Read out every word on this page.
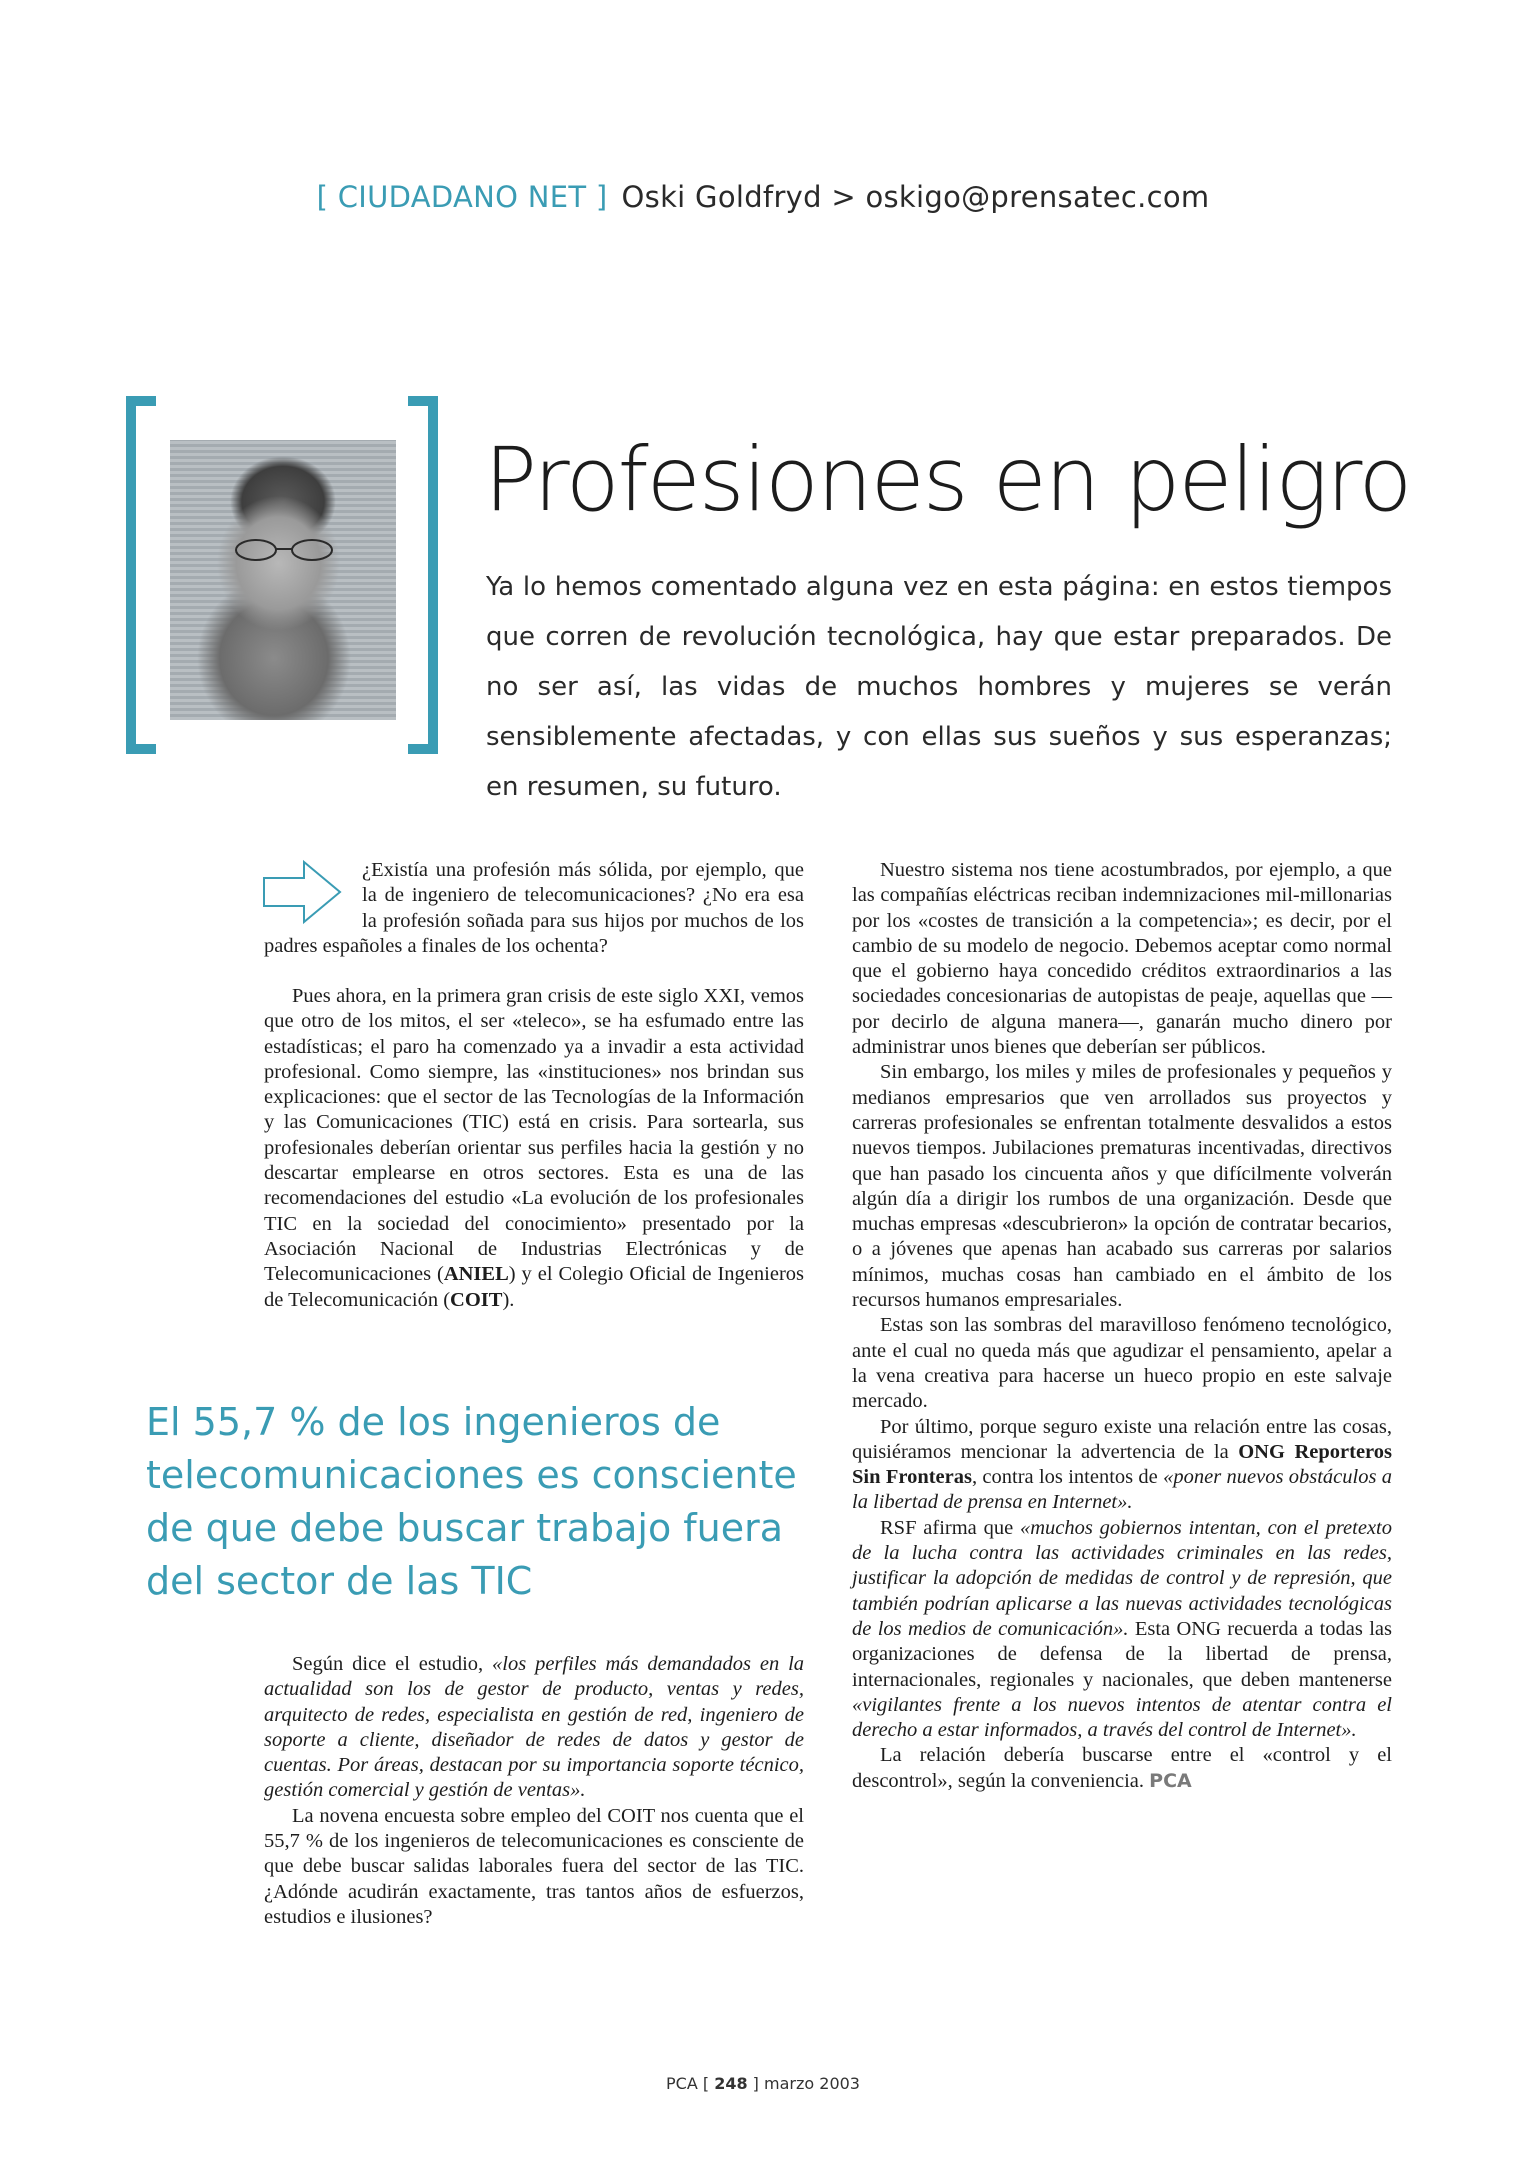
[ CIUDADANO NET ] Oski Goldfryd > oskigo@prensatec.com
Profesiones en peligro

Ya lo hemos comentado alguna vez en esta página: en estos tiempos que corren de revolución tecnológica, hay que estar preparados. De no ser así, las vidas de muchos hombres y mujeres se verán sensiblemente afectadas, y con ellas sus sueños y sus esperanzas; en resumen, su futuro.

¿Existía una profesión más sólida, por ejemplo, que la de ingeniero de telecomunicaciones? ¿No era esa la profesión soñada para sus hijos por muchos de los padres españoles a finales de los ochenta?

Pues ahora, en la primera gran crisis de este siglo XXI, vemos que otro de los mitos, el ser «teleco», se ha esfumado entre las estadísticas; el paro ha comenzado ya a invadir a esta actividad profesional. Como siempre, las «instituciones» nos brindan sus explicaciones: que el sector de las Tecnologías de la Información y las Comunicaciones (TIC) está en crisis. Para sortearla, sus profesionales deberían orientar sus perfiles hacia la gestión y no descartar emplearse en otros sectores. Esta es una de las recomendaciones del estudio «La evolución de los profesionales TIC en la sociedad del conocimiento» presentado por la Asociación Nacional de Industrias Electrónicas y de Telecomunicaciones (ANIEL) y el Colegio Oficial de Ingenieros de Telecomunicación (COIT).

El 55,7 % de los ingenieros de telecomunicaciones es consciente de que debe buscar trabajo fuera del sector de las TIC

Según dice el estudio, «los perfiles más demandados en la actualidad son los de gestor de producto, ventas y redes, arquitecto de redes, especialista en gestión de red, ingeniero de soporte a cliente, diseñador de redes de datos y gestor de cuentas. Por áreas, destacan por su importancia soporte técnico, gestión comercial y gestión de ventas».

La novena encuesta sobre empleo del COIT nos cuenta que el 55,7 % de los ingenieros de telecomunicaciones es consciente de que debe buscar salidas laborales fuera del sector de las TIC. ¿Adónde acudirán exactamente, tras tantos años de esfuerzos, estudios e ilusiones?

Nuestro sistema nos tiene acostumbrados, por ejemplo, a que las compañías eléctricas reciban indemnizaciones mil-millonarias por los «costes de transición a la competencia»; es decir, por el cambio de su modelo de negocio. Debemos aceptar como normal que el gobierno haya concedido créditos extraordinarios a las sociedades concesionarias de autopistas de peaje, aquellas que —por decirlo de alguna manera—, ganarán mucho dinero por administrar unos bienes que deberían ser públicos.

Sin embargo, los miles y miles de profesionales y pequeños y medianos empresarios que ven arrollados sus proyectos y carreras profesionales se enfrentan totalmente desvalidos a estos nuevos tiempos. Jubilaciones prematuras incentivadas, directivos que han pasado los cincuenta años y que difícilmente volverán algún día a dirigir los rumbos de una organización. Desde que muchas empresas «descubrieron» la opción de contratar becarios, o a jóvenes que apenas han acabado sus carreras por salarios mínimos, muchas cosas han cambiado en el ámbito de los recursos humanos empresariales.

Estas son las sombras del maravilloso fenómeno tecnológico, ante el cual no queda más que agudizar el pensamiento, apelar a la vena creativa para hacerse un hueco propio en este salvaje mercado.

Por último, porque seguro existe una relación entre las cosas, quisiéramos mencionar la advertencia de la ONG Reporteros Sin Fronteras, contra los intentos de «poner nuevos obstáculos a la libertad de prensa en Internet».

RSF afirma que «muchos gobiernos intentan, con el pretexto de la lucha contra las actividades criminales en las redes, justificar la adopción de medidas de control y de represión, que también podrían aplicarse a las nuevas actividades tecnológicas de los medios de comunicación». Esta ONG recuerda a todas las organizaciones de defensa de la libertad de prensa, internacionales, regionales y nacionales, que deben mantenerse «vigilantes frente a los nuevos intentos de atentar contra el derecho a estar informados, a través del control de Internet».

La relación debería buscarse entre el «control y el descontrol», según la conveniencia. PCA

PCA [ 248 ] marzo 2003
